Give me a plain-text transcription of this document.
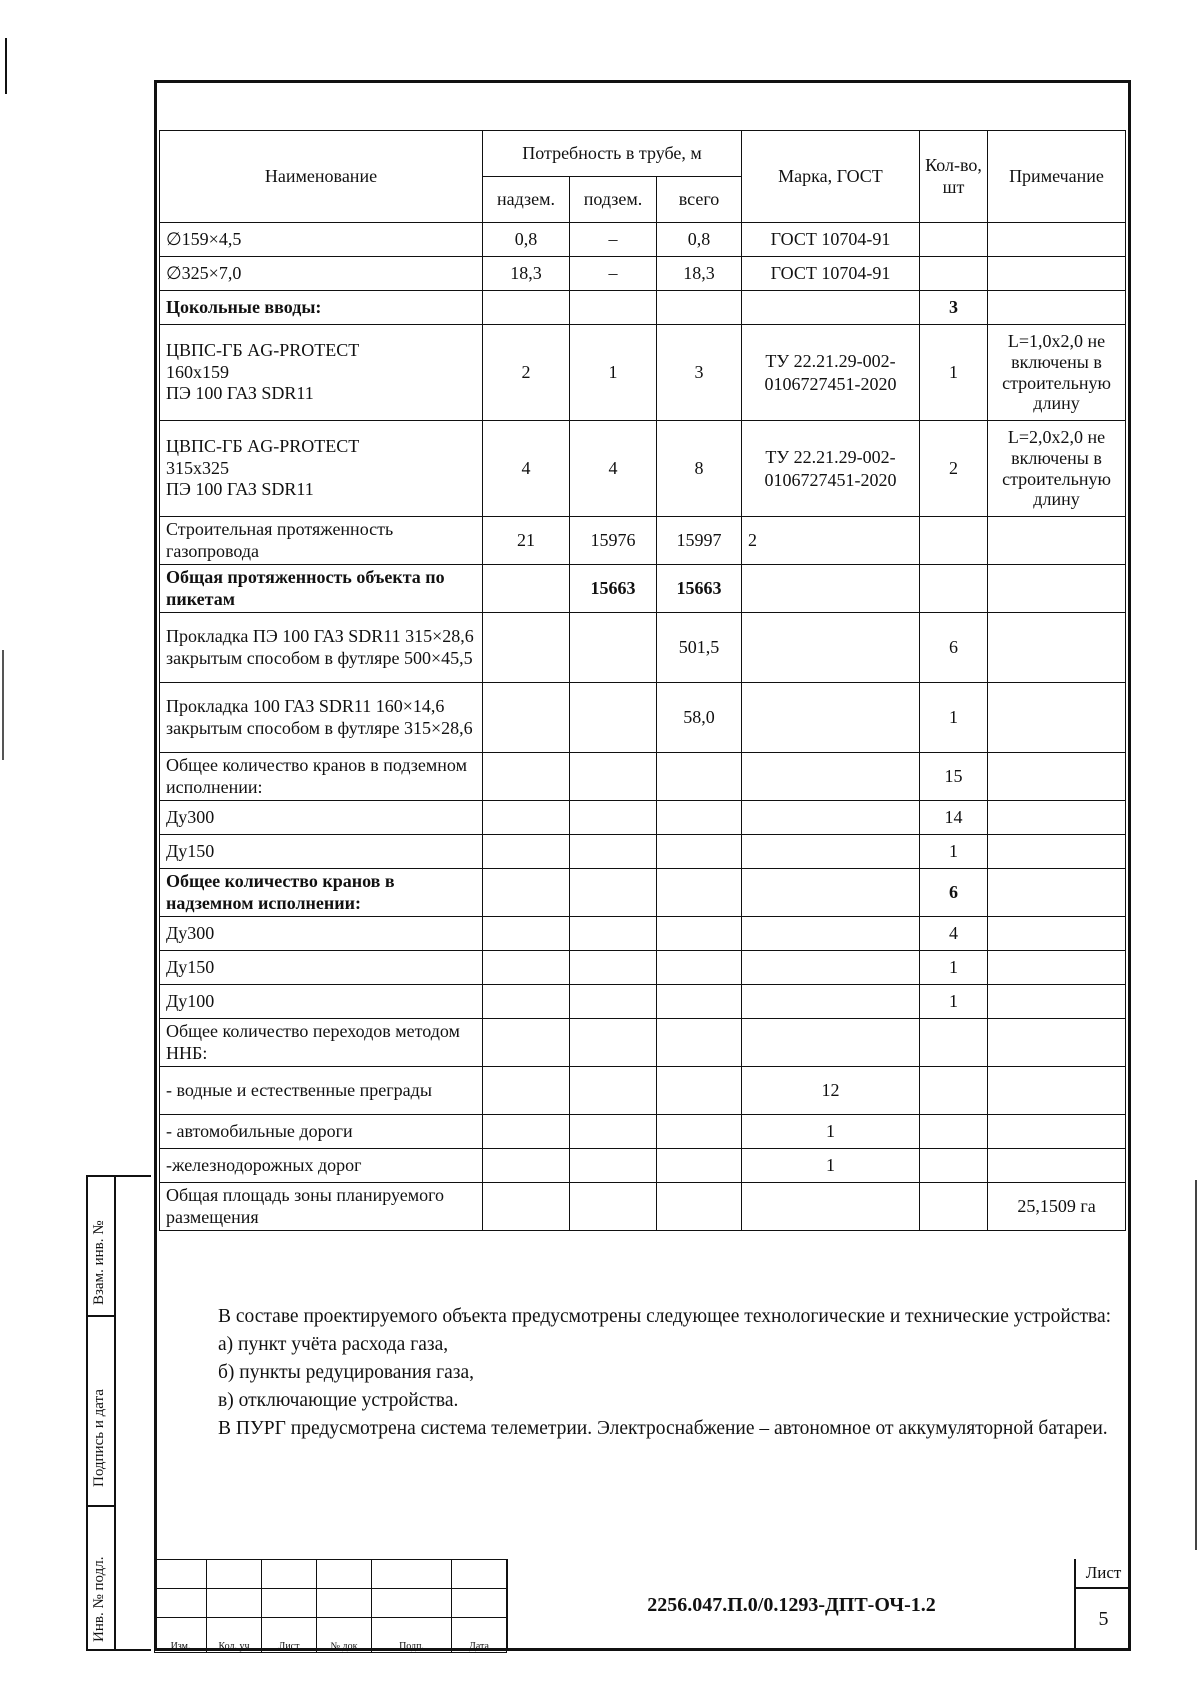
Взам. инв. №
Подпись и дата
Инв. № подл.
Наименование	Потребность в трубе, м			Марка, ГОСТ	Кол-во, шт	Примечание
	надзем.	подзем.	всего			
∅159×4,5	0,8	–	0,8	ГОСТ 10704-91		
∅325×7,0	18,3	–	18,3	ГОСТ 10704-91		
Цокольные вводы:					3	
ЦВПС-ГБ AG-PROTECT
160x159
ПЭ 100 ГАЗ SDR11	2	1	3	ТУ 22.21.29-002-0106727451-2020	1	L=1,0x2,0 не включены в строительную длину
ЦВПС-ГБ AG-PROTECT
315x325
ПЭ 100 ГАЗ SDR11	4	4	8	ТУ 22.21.29-002-0106727451-2020	2	L=2,0x2,0 не включены в строительную длину
Строительная протяженность газопровода	21	15976	15997	2		
Общая протяженность объекта по пикетам		15663	15663			
Прокладка ПЭ 100 ГАЗ SDR11 315×28,6 закрытым способом в футляре 500×45,5			501,5		6	
Прокладка 100 ГАЗ SDR11 160×14,6 закрытым способом в футляре 315×28,6			58,0		1	
Общее количество кранов в подземном исполнении:					15	
Ду300					14	
Ду150					1	
Общее количество кранов в надземном исполнении:					6	
Ду300					4	
Ду150					1	
Ду100					1	
Общее количество переходов методом ННБ:						
- водные и естественные преграды				12		
- автомобильные дороги				1		
-железнодорожных дорог				1		
Общая площадь зоны планируемого размещения						25,1509 га

В составе проектируемого объекта предусмотрены следующее технологические и технические устройства:

а) пункт учёта расхода газа,

б) пункты редуцирования газа,

в) отключающие устройства.

В ПУРГ предусмотрена система телеметрии. Электроснабжение – автономное от аккумуляторной батареи.

Изм.	Кол. уч	Лист	№ док	Подп.	Дата
2256.047.П.0/0.1293-ДПТ-ОЧ-1.2
Лист
5
